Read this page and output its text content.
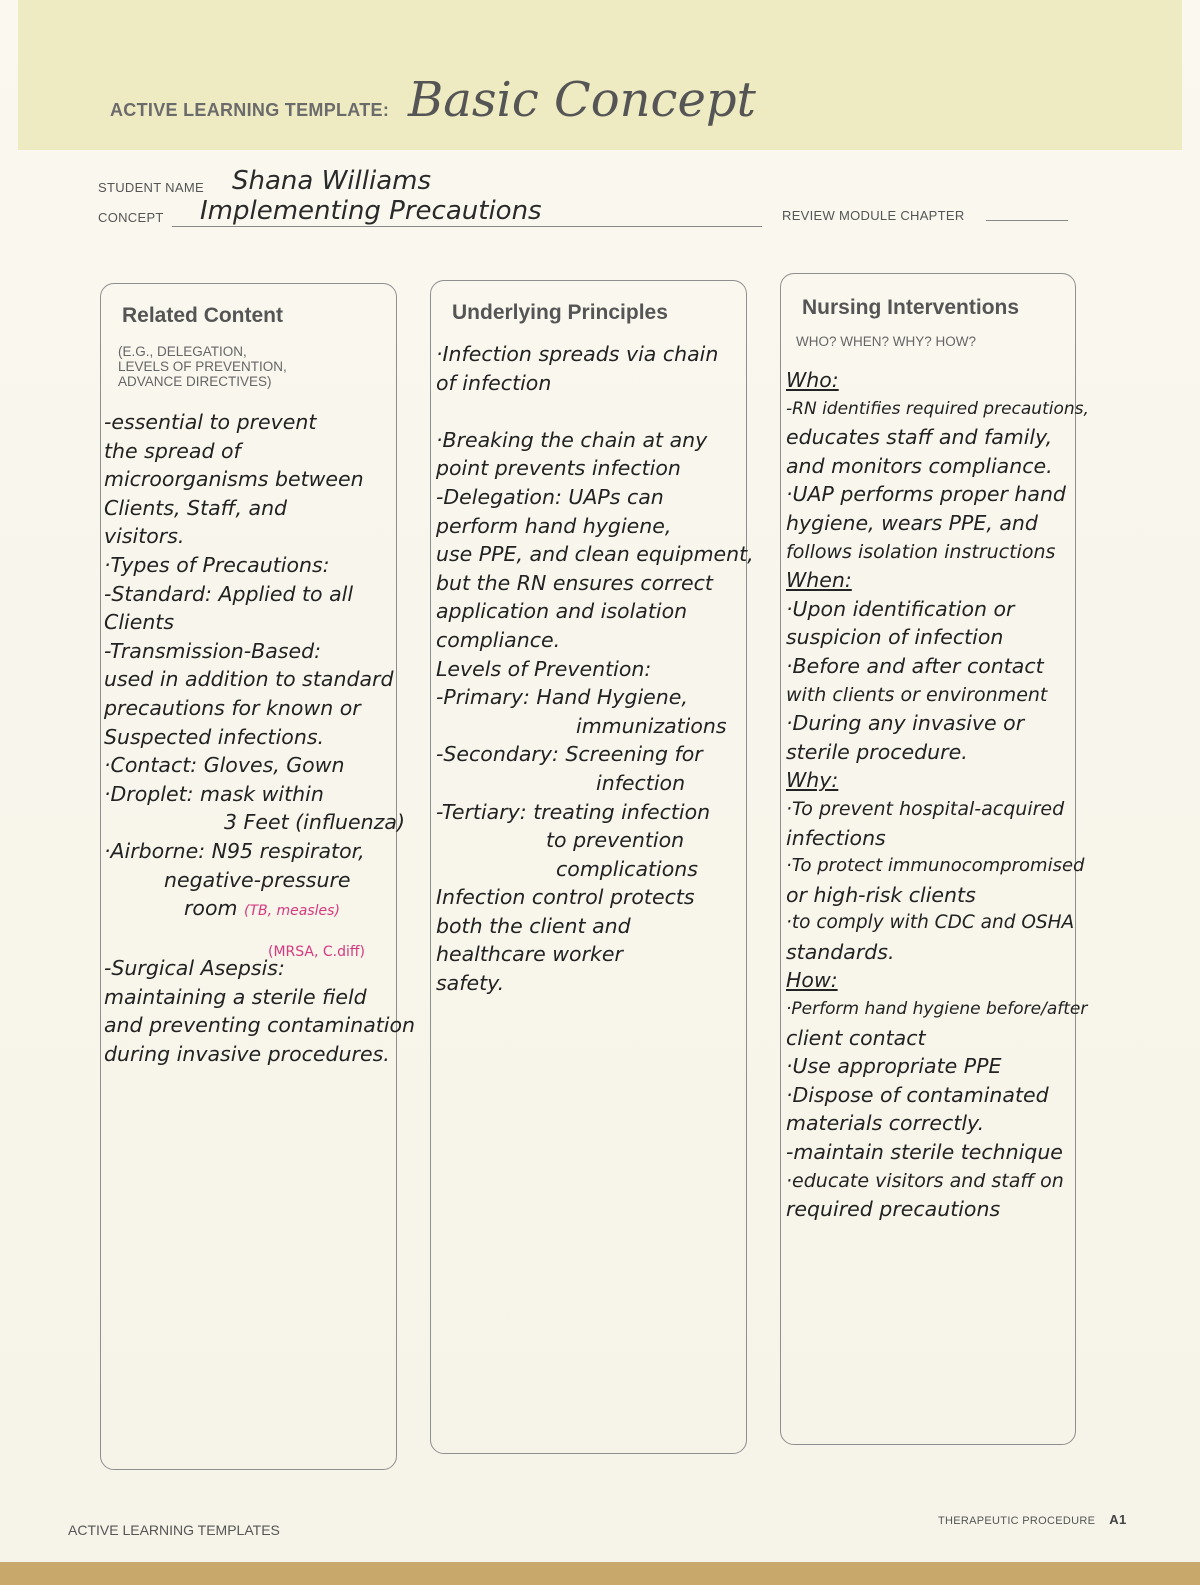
ACTIVE LEARNING TEMPLATE: Basic Concept
STUDENT NAME Shana Williams
CONCEPT Implementing Precautions	REVIEW MODULE CHAPTER
Related Content
(E.G., DELEGATION,
LEVELS OF PREVENTION,
ADVANCE DIRECTIVES)
Underlying Principles	Nursing Interventions
WHO? WHEN? WHY? HOW?
-essential to prevent
the spread of
microorganisms between
Clients, Staff, and
visitors.
·Types of Precautions:
-Standard: Applied to all
Clients
-Transmission-Based:
used in addition to standard
precautions for known or
Suspected infections.
·Contact: Gloves, Gown
·Droplet: mask within
3 Feet (influenza)
·Airborne: N95 respirator,
negative-pressure
room (TB, measles)

-Surgical Asepsis:
maintaining a sterile field
and preventing contamination
during invasive procedures.
(MRSA, C.diff)
·Infection spreads via chain
of infection

·Breaking the chain at any
point prevents infection
-Delegation: UAPs can
perform hand hygiene,
use PPE, and clean equipment,
but the RN ensures correct
application and isolation
compliance.
Levels of Prevention:
-Primary: Hand Hygiene,
immunizations
-Secondary: Screening for
infection
-Tertiary: treating infection
to prevention
complications
Infection control protects
both the client and
healthcare worker
safety.
Who:
-RN identifies required precautions,
educates staff and family,
and monitors compliance.
·UAP performs proper hand
hygiene, wears PPE, and
follows isolation instructions
When:
·Upon identification or
suspicion of infection
·Before and after contact
with clients or environment
·During any invasive or
sterile procedure.
Why:
·To prevent hospital-acquired
infections
·To protect immunocompromised
or high-risk clients
·to comply with CDC and OSHA
standards.
How:
·Perform hand hygiene before/after
client contact
·Use appropriate PPE
·Dispose of contaminated
materials correctly.
-maintain sterile technique
·educate visitors and staff on
required precautions
ACTIVE LEARNING TEMPLATES
THERAPEUTIC PROCEDURE A1
